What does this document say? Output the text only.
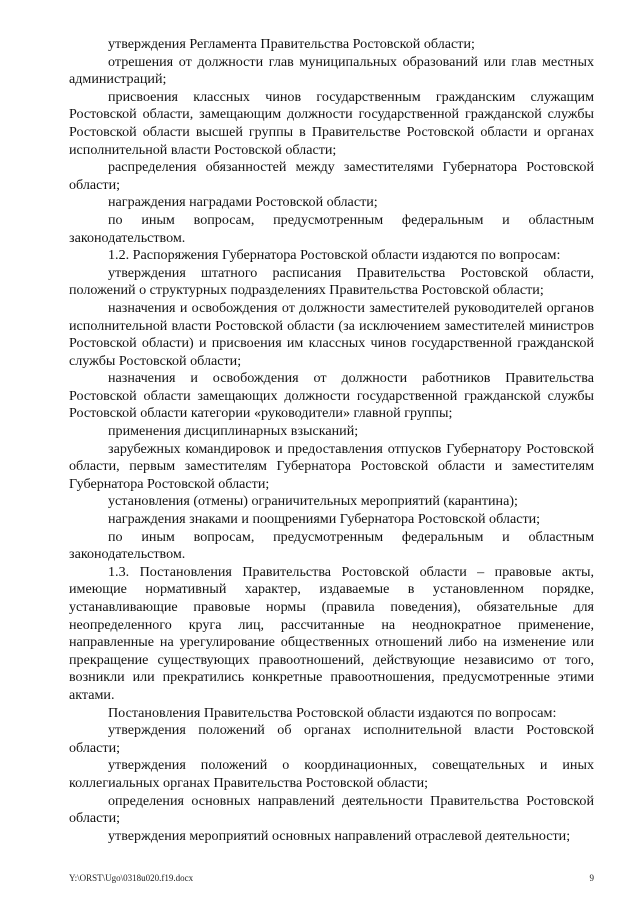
утверждения Регламента Правительства Ростовской области;

отрешения от должности глав муниципальных образований или глав местных администраций;

присвоения классных чинов государственным гражданским служащим Ростовской области, замещающим должности государственной гражданской службы Ростовской области высшей группы в Правительстве Ростовской области и органах исполнительной власти Ростовской области;

распределения обязанностей между заместителями Губернатора Ростовской области;

награждения наградами Ростовской области;

по иным вопросам, предусмотренным федеральным и областным законодательством.

1.2. Распоряжения Губернатора Ростовской области издаются по вопросам:

утверждения штатного расписания Правительства Ростовской области, положений о структурных подразделениях Правительства Ростовской области;

назначения и освобождения от должности заместителей руководителей органов исполнительной власти Ростовской области (за исключением заместителей министров Ростовской области) и присвоения им классных чинов государственной гражданской службы Ростовской области;

назначения и освобождения от должности работников Правительства Ростовской области замещающих должности государственной гражданской службы Ростовской области категории «руководители» главной группы;

применения дисциплинарных взысканий;

зарубежных командировок и предоставления отпусков Губернатору Ростовской области, первым заместителям Губернатора Ростовской области и заместителям Губернатора Ростовской области;

установления (отмены) ограничительных мероприятий (карантина);

награждения знаками и поощрениями Губернатора Ростовской области;

по иным вопросам, предусмотренным федеральным и областным законодательством.

1.3. Постановления Правительства Ростовской области – правовые акты, имеющие нормативный характер, издаваемые в установленном порядке, устанавливающие правовые нормы (правила поведения), обязательные для неопределенного круга лиц, рассчитанные на неоднократное применение, направленные на урегулирование общественных отношений либо на изменение или прекращение существующих правоотношений, действующие независимо от того, возникли или прекратились конкретные правоотношения, предусмотренные этими актами.

Постановления Правительства Ростовской области издаются по вопросам:

утверждения положений об органах исполнительной власти Ростовской области;

утверждения положений о координационных, совещательных и иных коллегиальных органах Правительства Ростовской области;

определения основных направлений деятельности Правительства Ростовской области;

утверждения мероприятий основных направлений отраслевой деятельности;

Y:\ORST\Ugo\0318u020.f19.docx	9
